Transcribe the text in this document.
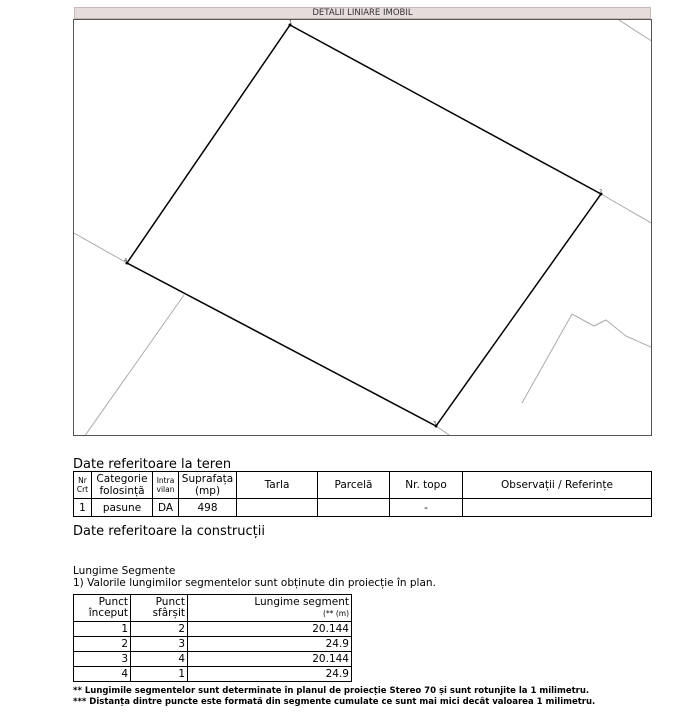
DETALII LINIARE IMOBIL
1
2
3
4
Date referitoare la teren
Nr Crt	Categorie folosință	Intra vilan	Suprafața (mp)	Tarla	Parcelă	Nr. topo	Observații / Referințe
1	pasune	DA	498			-	
Date referitoare la construcții
Lungime Segmente
1) Valorile lungimilor segmentelor sunt obținute din proiecție în plan.
Punct început	Punct sfârșit	Lungime segment
(** (m)

1	2	20.144
2	3	24.9
3	4	20.144
4	1	24.9
** Lungimile segmentelor sunt determinate în planul de proiecție Stereo 70 și sunt rotunjite la 1 milimetru.
*** Distanța dintre puncte este formată din segmente cumulate ce sunt mai mici decât valoarea 1 milimetru.
